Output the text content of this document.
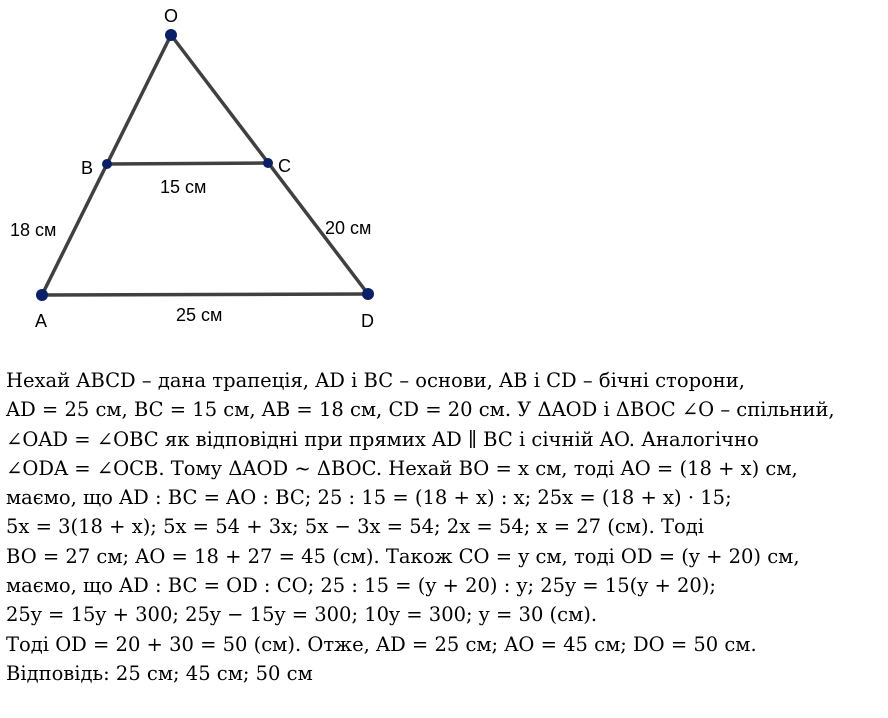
O
B	C
A	D
15 см
18 см	20 см
25 см
Нехай ABCD – дана трапеція, AD і BC – основи, AB і CD – бічні сторони,
AD = 25 см, BC = 15 см, AB = 18 см, CD = 20 см. У ΔAOD і ΔBOC ∠O – спільний,
∠OAD = ∠OBC як відповідні при прямих AD ∥ BC і січній AO. Аналогічно
∠ODA = ∠OCB. Тому ΔAOD ~ ΔBOC. Нехай BO = x см, тоді AO = (18 + x) см,
маємо, що AD : BC = AO : BC; 25 : 15 = (18 + x) : x; 25x = (18 + x) · 15;
5x = 3(18 + x); 5x = 54 + 3x; 5x − 3x = 54; 2x = 54; x = 27 (см). Тоді
BO = 27 см; AO = 18 + 27 = 45 (см). Також CO = y см, тоді OD = (y + 20) см,
маємо, що AD : BC = OD : CO; 25 : 15 = (y + 20) : y; 25y = 15(y + 20);
25y = 15y + 300; 25y − 15y = 300; 10y = 300; y = 30 (см).
Тоді OD = 20 + 30 = 50 (см). Отже, AD = 25 см; AO = 45 см; DO = 50 см.
Відповідь: 25 см; 45 см; 50 см
